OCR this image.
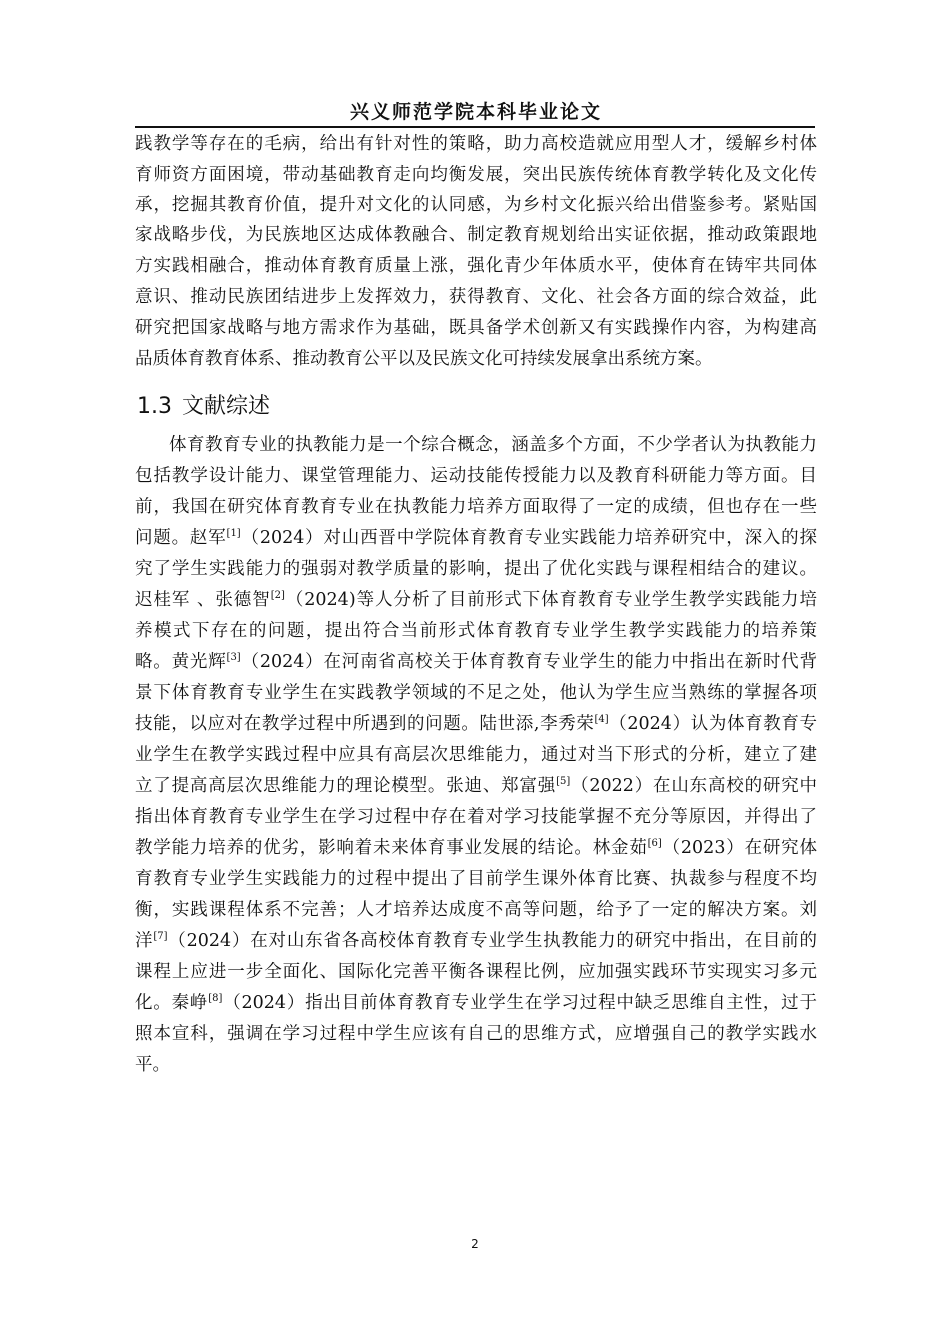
兴义师范学院本科毕业论文
践教学等存在的毛病，给出有针对性的策略，助力高校造就应用型人才，缓解乡村体
育师资方面困境，带动基础教育走向均衡发展，突出民族传统体育教学转化及文化传
承，挖掘其教育价值，提升对文化的认同感，为乡村文化振兴给出借鉴参考。紧贴国
家战略步伐，为民族地区达成体教融合、制定教育规划给出实证依据，推动政策跟地
方实践相融合，推动体育教育质量上涨，强化青少年体质水平，使体育在铸牢共同体
意识、推动民族团结进步上发挥效力，获得教育、文化、社会各方面的综合效益，此
研究把国家战略与地方需求作为基础，既具备学术创新又有实践操作内容，为构建高
品质体育教育体系、推动教育公平以及民族文化可持续发展拿出系统方案。
1.3 文献综述
体育教育专业的执教能力是一个综合概念，涵盖多个方面，不少学者认为执教能力
包括教学设计能力、课堂管理能力、运动技能传授能力以及教育科研能力等方面。目
前，我国在研究体育教育专业在执教能力培养方面取得了一定的成绩，但也存在一些
问题。赵军[1]（2024）对山西晋中学院体育教育专业实践能力培养研究中，深入的探
究了学生实践能力的强弱对教学质量的影响，提出了优化实践与课程相结合的建议。
迟桂军 、张德智[2]（2024)等人分析了目前形式下体育教育专业学生教学实践能力培
养模式下存在的问题，提出符合当前形式体育教育专业学生教学实践能力的培养策
略。黄光辉[3]（2024）在河南省高校关于体育教育专业学生的能力中指出在新时代背
景下体育教育专业学生在实践教学领域的不足之处，他认为学生应当熟练的掌握各项
技能，以应对在教学过程中所遇到的问题。陆世添,李秀荣[4]（2024）认为体育教育专
业学生在教学实践过程中应具有高层次思维能力，通过对当下形式的分析，建立了建
立了提高高层次思维能力的理论模型。张迪、郑富强[5]（2022）在山东高校的研究中
指出体育教育专业学生在学习过程中存在着对学习技能掌握不充分等原因，并得出了
教学能力培养的优劣，影响着未来体育事业发展的结论。林金茹[6]（2023）在研究体
育教育专业学生实践能力的过程中提出了目前学生课外体育比赛、执裁参与程度不均
衡，实践课程体系不完善；人才培养达成度不高等问题，给予了一定的解决方案。刘
洋[7]（2024）在对山东省各高校体育教育专业学生执教能力的研究中指出，在目前的
课程上应进一步全面化、国际化完善平衡各课程比例，应加强实践环节实现实习多元
化。秦峥[8]（2024）指出目前体育教育专业学生在学习过程中缺乏思维自主性，过于
照本宣科，强调在学习过程中学生应该有自己的思维方式，应增强自己的教学实践水
平。
2
